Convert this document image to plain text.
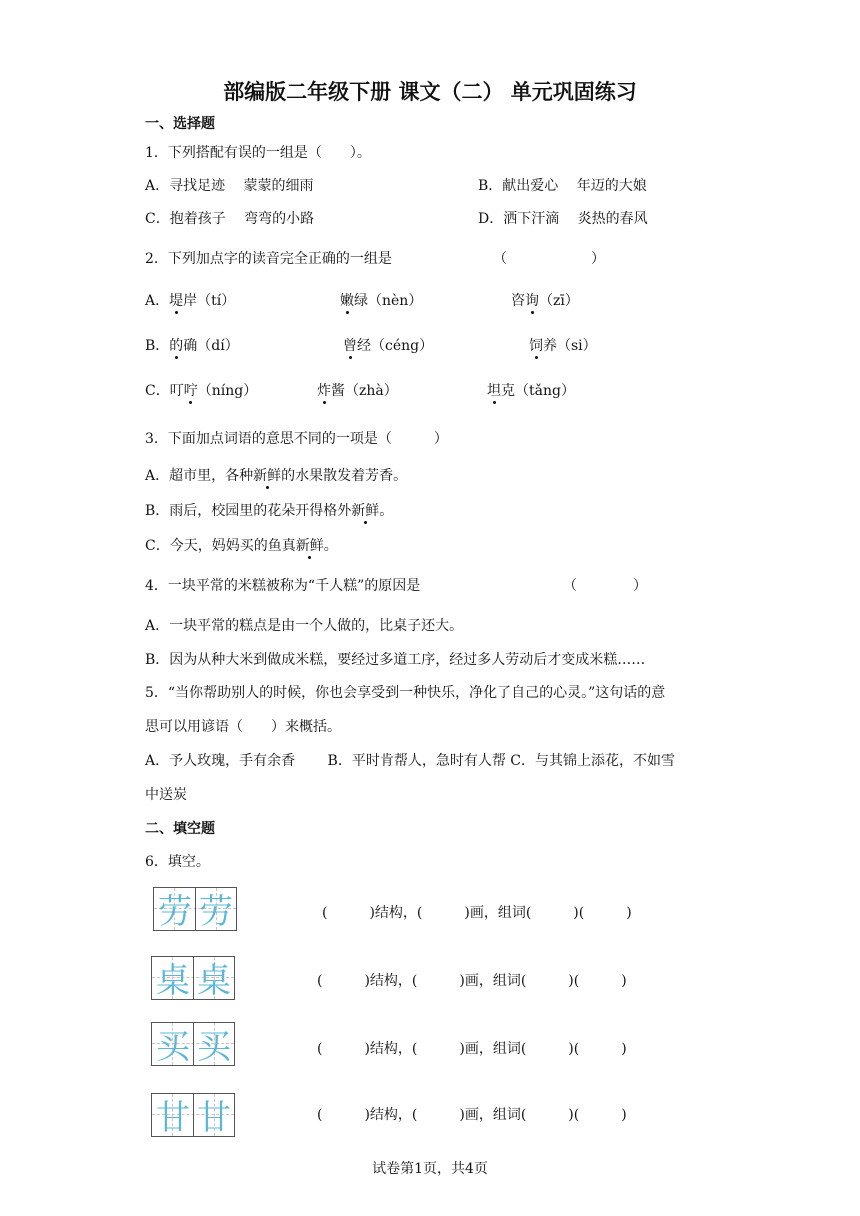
部编版二年级下册 课文（二） 单元巩固练习
一、选择题
1．下列搭配有误的一组是（　　）。
A．寻找足迹　 蒙蒙的细雨	B．献出爱心　 年迈的大娘
C．抱着孩子　 弯弯的小路	D．洒下汗滴　 炎热的春风
2．下列加点字的读音完全正确的一组是	（　　　　　　）
A．堤岸（tí）	嫩绿（nèn）	咨询（zī）
B．的确（dí）	曾经（céng）	饲养（si）
C．叮咛（níng）	炸酱（zhà）	坦克（tǎng）
3．下面加点词语的意思不同的一项是（　　　）
A．超市里，各种新鲜的水果散发着芳香。
B．雨后，校园里的花朵开得格外新鲜。
C．今天，妈妈买的鱼真新鲜。
4．一块平常的米糕被称为“千人糕”的原因是	（　　　　）
A．一块平常的糕点是由一个人做的，比桌子还大。
B．因为从种大米到做成米糕，要经过多道工序，经过多人劳动后才变成米糕……
5．“当你帮助别人的时候，你也会享受到一种快乐，净化了自己的心灵。”这句话的意
思可以用谚语（　　）来概括。
A．予人玫瑰，手有余香　　 B．平时肯帮人，急时有人帮 C．与其锦上添花，不如雪
中送炭
二、填空题
6．填空。
劳 劳	(　　　)结构，(　　　)画，组词(　　　)(　　　)
桌 桌	(　　　)结构，(　　　)画，组词(　　　)(　　　)
买 买	(　　　)结构，(　　　)画，组词(　　　)(　　　)
甘 甘	(　　　)结构，(　　　)画，组词(　　　)(　　　)
试卷第1页，共4页
